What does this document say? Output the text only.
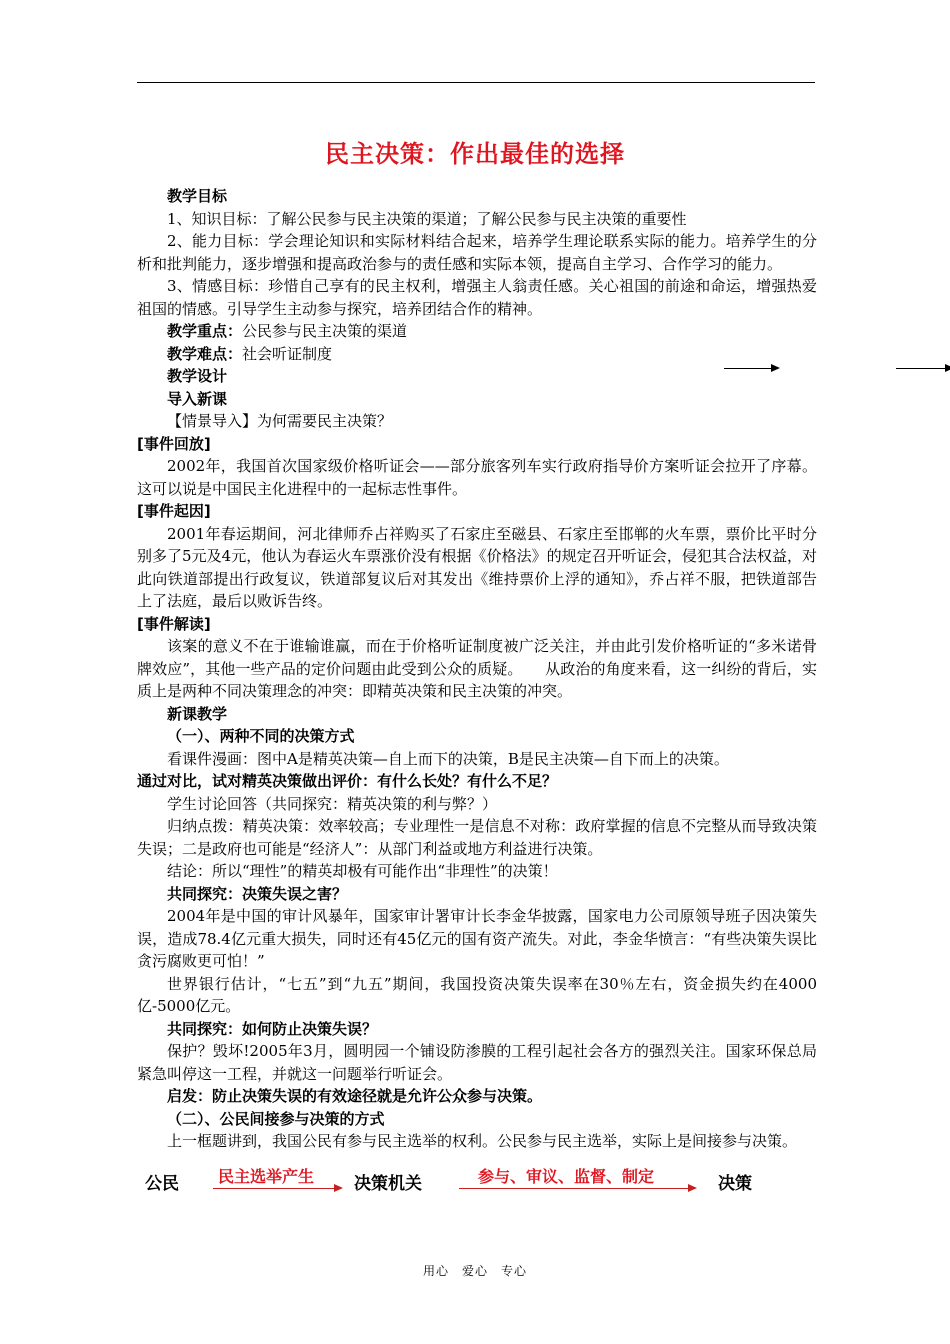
民主决策：作出最佳的选择

教学目标

1、知识目标：了解公民参与民主决策的渠道；了解公民参与民主决策的重要性

2、能力目标：学会理论知识和实际材料结合起来，培养学生理论联系实际的能力。培养学生的分析和批判能力，逐步增强和提高政治参与的责任感和实际本领，提高自主学习、合作学习的能力。

3、情感目标：珍惜自己享有的民主权利，增强主人翁责任感。关心祖国的前途和命运，增强热爱祖国的情感。引导学生主动参与探究，培养团结合作的精神。

教学重点：公民参与民主决策的渠道

教学难点：社会听证制度

教学设计

导入新课

【情景导入】为何需要民主决策？

[事件回放]

2002年，我国首次国家级价格听证会——部分旅客列车实行政府指导价方案听证会拉开了序幕。这可以说是中国民主化进程中的一起标志性事件。

[事件起因]

2001年春运期间，河北律师乔占祥购买了石家庄至磁县、石家庄至邯郸的火车票，票价比平时分别多了5元及4元，他认为春运火车票涨价没有根据《价格法》的规定召开听证会，侵犯其合法权益，对此向铁道部提出行政复议，铁道部复议后对其发出《维持票价上浮的通知》，乔占祥不服，把铁道部告上了法庭，最后以败诉告终。

[事件解读]

该案的意义不在于谁输谁赢，而在于价格听证制度被广泛关注，并由此引发价格听证的“多米诺骨牌效应”，其他一些产品的定价问题由此受到公众的质疑。　　从政治的角度来看，这一纠纷的背后，实质上是两种不同决策理念的冲突：即精英决策和民主决策的冲突。

新课教学

（一）、两种不同的决策方式

看课件漫画：图中A是精英决策—自上而下的决策，B是民主决策—自下而上的决策。

通过对比，试对精英决策做出评价：有什么长处？有什么不足？

学生讨论回答（共同探究：精英决策的利与弊？）

归纳点拨：精英决策：效率较高；专业理性一是信息不对称：政府掌握的信息不完整从而导致决策失误；二是政府也可能是“经济人”：从部门利益或地方利益进行决策。

结论：所以“理性”的精英却极有可能作出“非理性”的决策！

共同探究：决策失误之害？

2004年是中国的审计风暴年，国家审计署审计长李金华披露，国家电力公司原领导班子因决策失误，造成78.4亿元重大损失，同时还有45亿元的国有资产流失。对此，李金华愤言：“有些决策失误比贪污腐败更可怕！”

世界银行估计，“七五”到“九五”期间，我国投资决策失误率在30％左右，资金损失约在4000亿-5000亿元。

共同探究：如何防止决策失误？

保护？毁坏!2005年3月，圆明园一个铺设防渗膜的工程引起社会各方的强烈关注。国家环保总局紧急叫停这一工程，并就这一问题举行听证会。

启发：防止决策失误的有效途径就是允许公众参与决策。

（二）、公民间接参与决策的方式

上一框题讲到，我国公民有参与民主选举的权利。公民参与民主选举，实际上是间接参与决策。

公民 民主选举产生 决策机关	参与、审议、监督、制定	决策
用心　爱心　专心
